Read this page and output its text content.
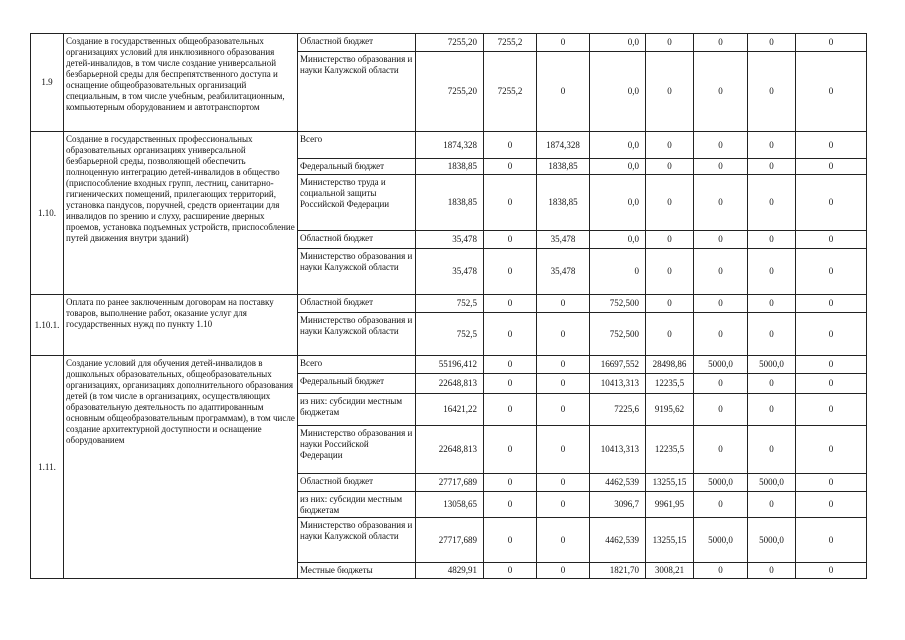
1.9	Создание в государственных общеобразовательных организациях условий для инклюзивного образования детей-инвалидов, в том числе создание универсальной безбарьерной среды для беспрепятственного доступа и оснащение общеобразовательных организаций специальным, в том числе учебным, реабилитационным, компьютерным оборудованием и автотранспортом	Областной бюджет	7255,20	7255,2	0	0,0	0	0	0	0
		Министерство образования и науки Калужской области	7255,20	7255,2	0	0,0	0	0	0	0
1.10.	Создание в государственных профессиональных образовательных организациях универсальной безбарьерной среды, позволяющей обеспечить полноценную интеграцию детей-инвалидов в общество (приспособление входных групп, лестниц, санитарно-гигиенических помещений, прилегающих территорий, установка пандусов, поручней, средств ориентации для инвалидов по зрению и слуху, расширение дверных проемов, установка подъемных устройств, приспособление путей движения внутри зданий)	Всего	1874,328	0	1874,328	0,0	0	0	0	0
		Федеральный бюджет	1838,85	0	1838,85	0,0	0	0	0	0
		Министерство труда и социальной защиты Российской Федерации	1838,85	0	1838,85	0,0	0	0	0	0
		Областной бюджет	35,478	0	35,478	0,0	0	0	0	0
		Министерство образования и науки Калужской области	35,478	0	35,478	0	0	0	0	0
1.10.1.	Оплата по ранее заключенным договорам на поставку товаров, выполнение работ, оказание услуг для государственных нужд по пункту 1.10	Областной бюджет	752,5	0	0	752,500	0	0	0	0
		Министерство образования и науки Калужской области	752,5	0	0	752,500	0	0	0	0
1.11.	Создание условий для обучения детей-инвалидов в дошкольных образовательных, общеобразовательных организациях, организациях дополнительного образования детей (в том числе в организациях, осуществляющих образовательную деятельность по адаптированным основным общеобразовательным программам), в том числе создание архитектурной доступности и оснащение оборудованием	Всего	55196,412	0	0	16697,552	28498,86	5000,0	5000,0	0
		Федеральный бюджет	22648,813	0	0	10413,313	12235,5	0	0	0
		из них: субсидии местным бюджетам	16421,22	0	0	7225,6	9195,62	0	0	0
		Министерство образования и науки Российской Федерации	22648,813	0	0	10413,313	12235,5	0	0	0
		Областной бюджет	27717,689	0	0	4462,539	13255,15	5000,0	5000,0	0
		из них: субсидии местным бюджетам	13058,65	0	0	3096,7	9961,95	0	0	0
		Министерство образования и науки Калужской области	27717,689	0	0	4462,539	13255,15	5000,0	5000,0	0
		Местные бюджеты	4829,91	0	0	1821,70	3008,21	0	0	0
